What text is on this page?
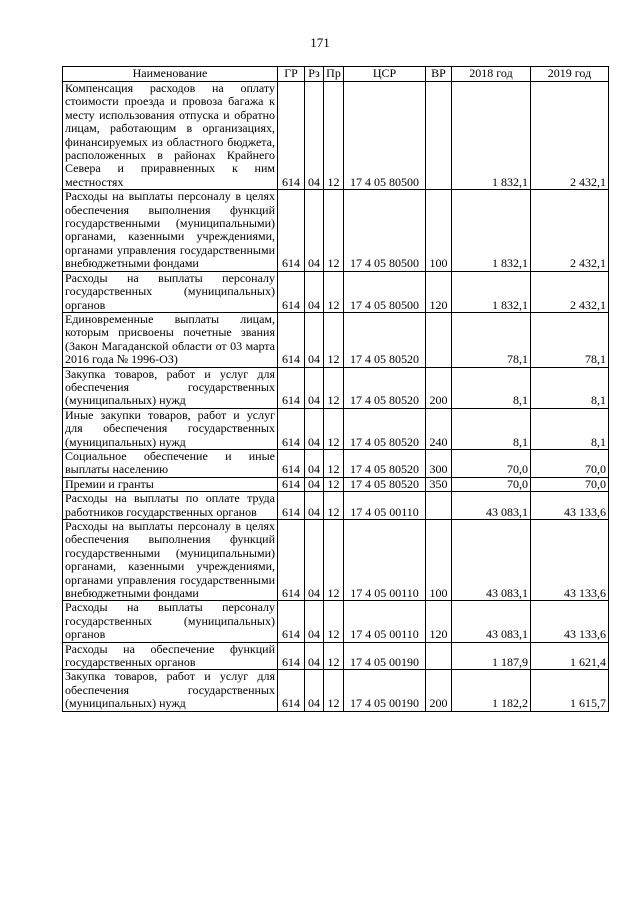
171
Наименование	ГР	Рз	Пр	ЦСР	ВР	2018 год	2019 год
Компенсация расходов на оплату стоимости проезда и провоза багажа к месту использования отпуска и обратно лицам, работающим в организациях, финансируемых из областного бюджета, расположенных в районах Крайнего Севера и приравненных к ним местностях	614	04	12	17 4 05 80500		1 832,1	2 432,1
Расходы на выплаты персоналу в целях обеспечения выполнения функций государственными (муниципальными) органами, казенными учреждениями, органами управления государственными внебюджетными фондами	614	04	12	17 4 05 80500	100	1 832,1	2 432,1
Расходы на выплаты персоналу государственных (муниципальных) органов	614	04	12	17 4 05 80500	120	1 832,1	2 432,1
Единовременные выплаты лицам, которым присвоены почетные звания (Закон Магаданской области от 03 марта 2016 года № 1996-ОЗ)	614	04	12	17 4 05 80520		78,1	78,1
Закупка товаров, работ и услуг для обеспечения государственных (муниципальных) нужд	614	04	12	17 4 05 80520	200	8,1	8,1
Иные закупки товаров, работ и услуг для обеспечения государственных (муниципальных) нужд	614	04	12	17 4 05 80520	240	8,1	8,1
Социальное обеспечение и иные выплаты населению	614	04	12	17 4 05 80520	300	70,0	70,0
Премии и гранты	614	04	12	17 4 05 80520	350	70,0	70,0
Расходы на выплаты по оплате труда работников государственных органов	614	04	12	17 4 05 00110		43 083,1	43 133,6
Расходы на выплаты персоналу в целях обеспечения выполнения функций государственными (муниципальными) органами, казенными учреждениями, органами управления государственными внебюджетными фондами	614	04	12	17 4 05 00110	100	43 083,1	43 133,6
Расходы на выплаты персоналу государственных (муниципальных) органов	614	04	12	17 4 05 00110	120	43 083,1	43 133,6
Расходы на обеспечение функций государственных органов	614	04	12	17 4 05 00190		1 187,9	1 621,4
Закупка товаров, работ и услуг для обеспечения государственных (муниципальных) нужд	614	04	12	17 4 05 00190	200	1 182,2	1 615,7
